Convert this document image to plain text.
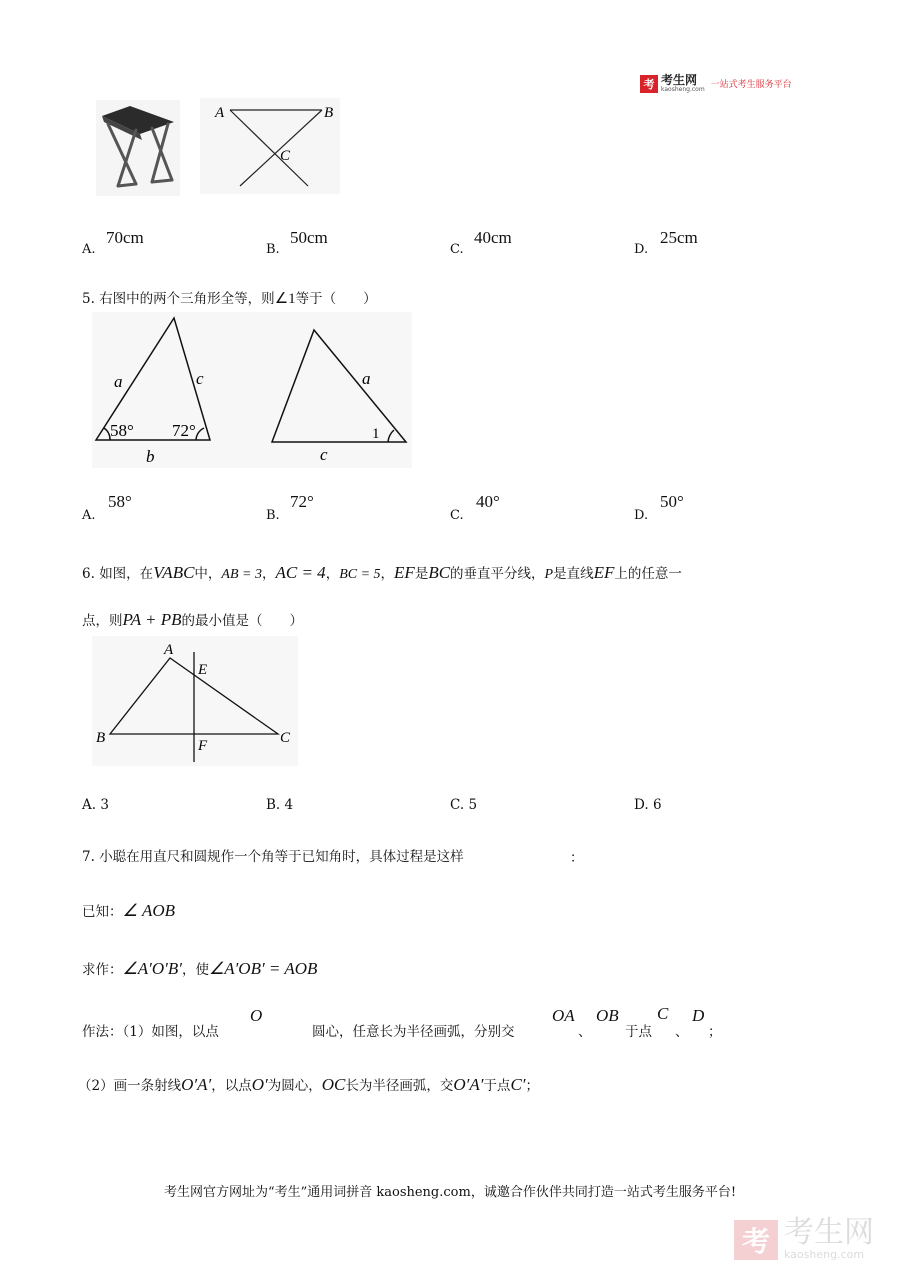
考 考生网
kaosheng.com 一站式考生服务平台
A	B
C
A.
70cm
B.
50cm
C.
40cm
D.
25cm
5. 右图中的两个三角形全等，则∠1等于（　　）
a	c
b
58° 72°
a
c
1
A.
58°
B.
72°
C.
40°
D.
50°
6. 如图，在VABC中，AB = 3，AC = 4，BC = 5，EF是BC的垂直平分线，P是直线EF上的任意一
点，则PA + PB的最小值是（　　）
A
E
B	C
F
A. 3	B. 4	C. 5	D. 6
7. 小聪在用直尺和圆规作一个角等于已知角时，具体过程是这样	：
已知：∠ AOB
求作：∠A′O′B′，使∠A′OB′ = AOB
作法：（1）如图，以点
O
圆心，任意长为半径画弧，分别交
OA
、
OB
于点
C
、
D
；
（2）画一条射线O′A′，以点O′为圆心，OC长为半径画弧，交O′A′于点C′；
考生网官方网址为“考生”通用词拼音 kaosheng.com，诚邀合作伙伴共同打造一站式考生服务平台!
考 考生网
kaosheng.com
